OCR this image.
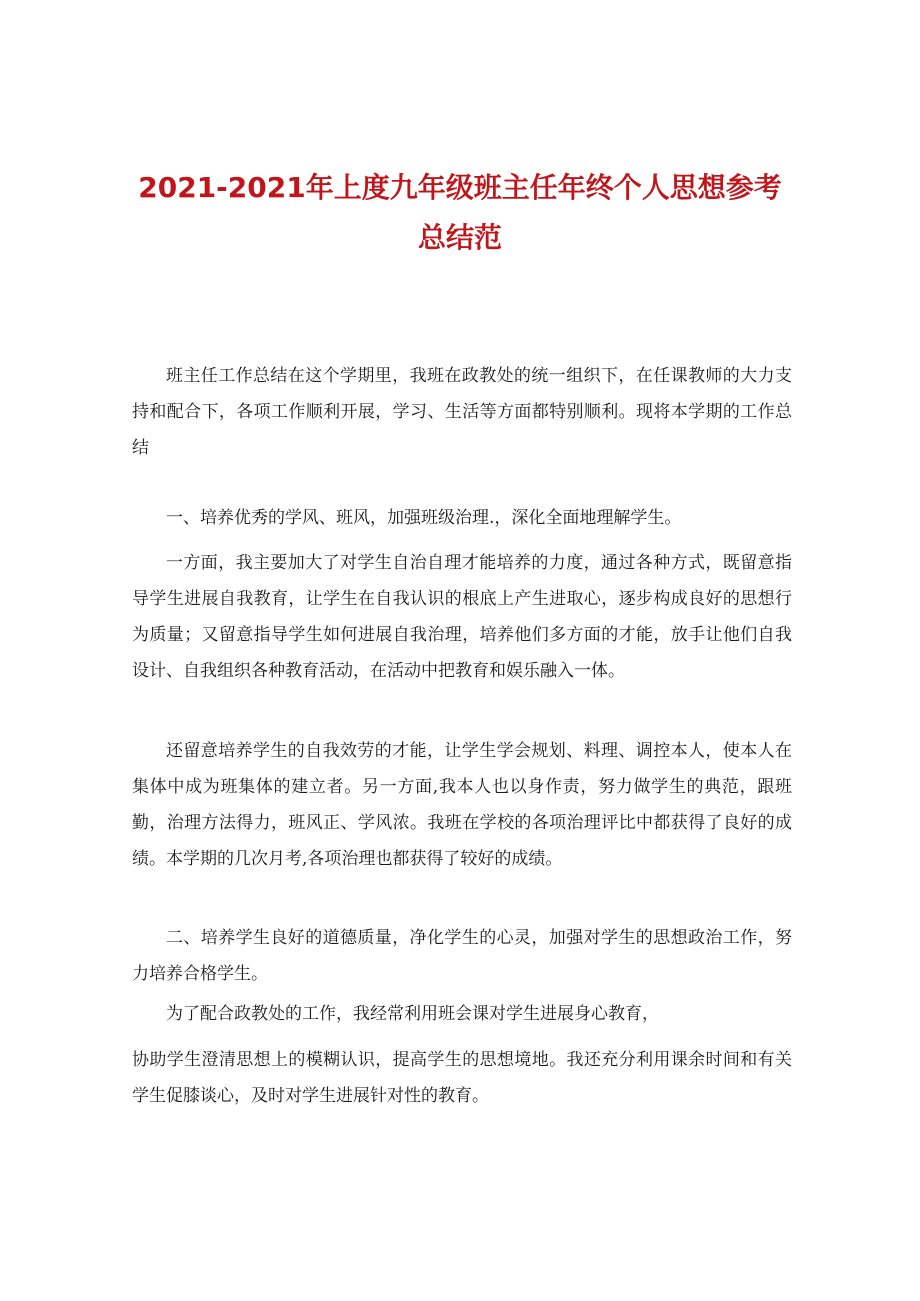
2021-2021年上度九年级班主任年终个人思想参考
总结范

班主任工作总结在这个学期里，我班在政教处的统一组织下，在任课教师的大力支持和配合下，各项工作顺利开展，学习、生活等方面都特别顺利。现将本学期的工作总结

一、培养优秀的学风、班风，加强班级治理.，深化全面地理解学生。

一方面，我主要加大了对学生自治自理才能培养的力度，通过各种方式，既留意指导学生进展自我教育，让学生在自我认识的根底上产生进取心，逐步构成良好的思想行为质量；又留意指导学生如何进展自我治理，培养他们多方面的才能，放手让他们自我设计、自我组织各种教育活动，在活动中把教育和娱乐融入一体。

还留意培养学生的自我效劳的才能，让学生学会规划、料理、调控本人，使本人在集体中成为班集体的建立者。另一方面,我本人也以身作责，努力做学生的典范，跟班勤，治理方法得力，班风正、学风浓。我班在学校的各项治理评比中都获得了良好的成绩。本学期的几次月考,各项治理也都获得了较好的成绩。

二、培养学生良好的道德质量，净化学生的心灵，加强对学生的思想政治工作，努力培养合格学生。

为了配合政教处的工作，我经常利用班会课对学生进展身心教育，

协助学生澄清思想上的模糊认识，提高学生的思想境地。我还充分利用课余时间和有关学生促膝谈心，及时对学生进展针对性的教育。
